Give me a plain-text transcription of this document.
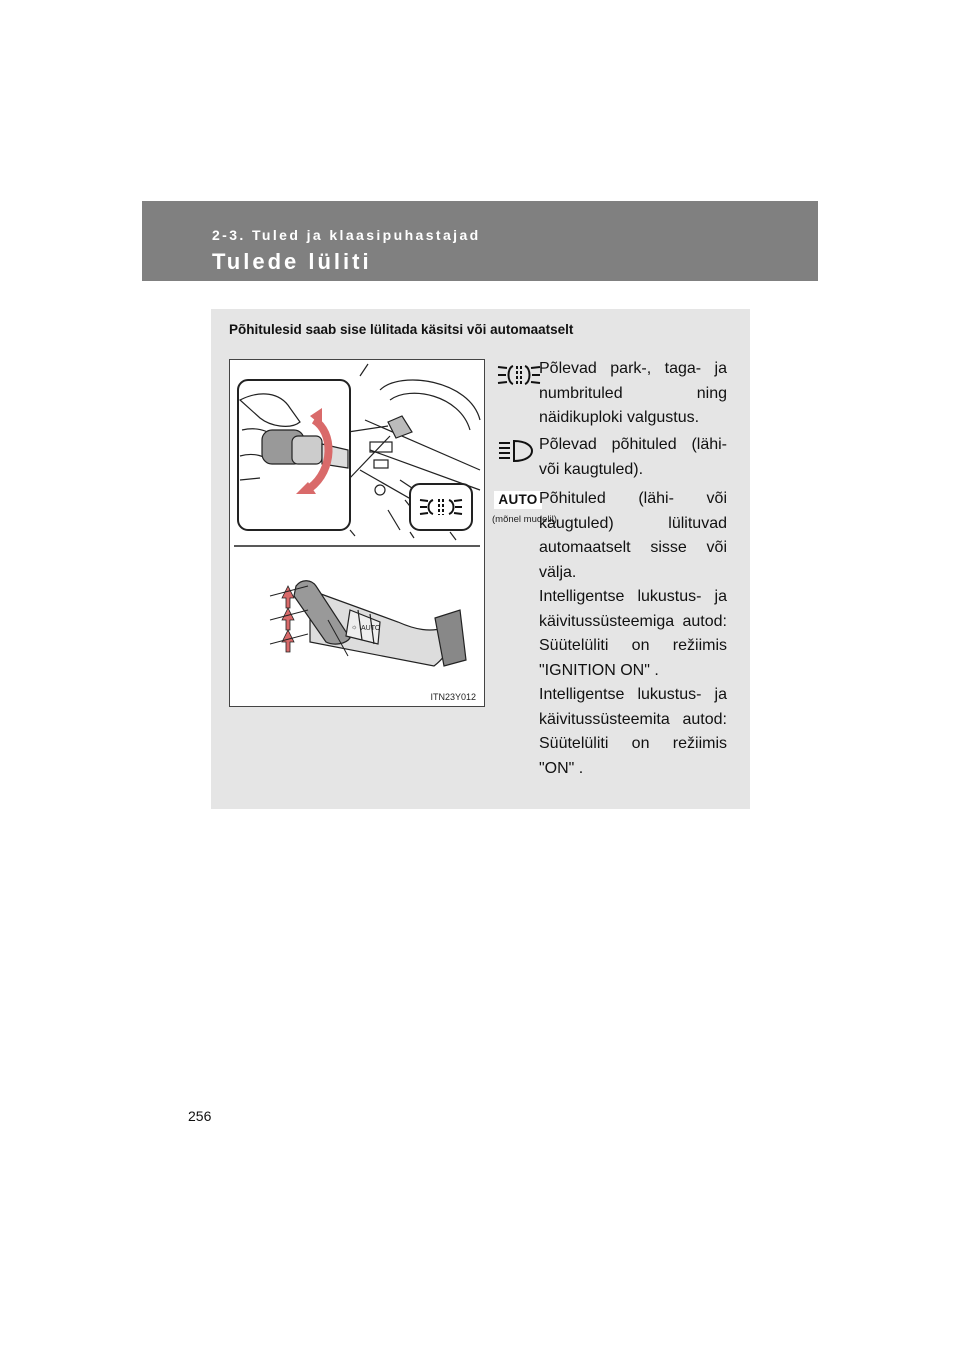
2-3. Tuled ja klaasipuhastajad
Tulede lüliti
Põhitulesid saab sise lülitada käsitsi või automaatselt
☼ AUTO
ITN23Y012
Põlevad park-, taga- ja numbrituled ning näidikuploki valgustus.
Põlevad põhituled (lähi- või kaugtuled).
AUTO
(mõnel mudelil)
Põhituled (lähi- või kaugtuled) lülituvad automaatselt sisse või välja.
Intelligentse lukustus- ja käivitussüsteemiga autod: Süütelüliti on režiimis "IGNITION ON" .
Intelligentse lukustus- ja käivitussüsteemita autod: Süütelüliti on režiimis "ON" .
256
